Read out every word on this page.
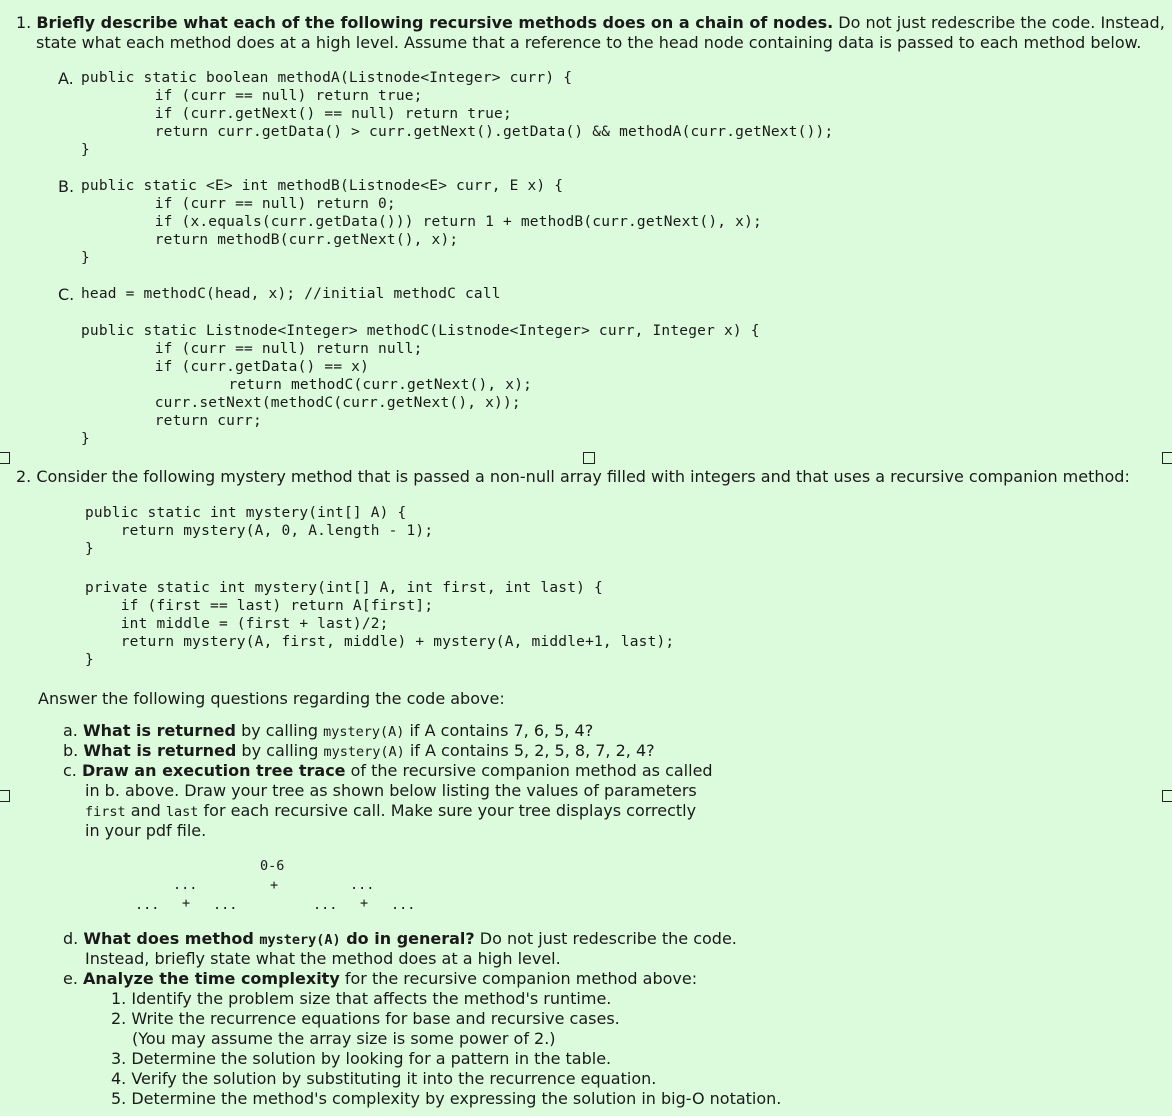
1. Briefly describe what each of the following recursive methods does on a chain of nodes. Do not just redescribe the code. Instead,
state what each method does at a high level. Assume that a reference to the head node containing data is passed to each method below.
A. public static boolean methodA(Listnode<Integer> curr) {
if (curr == null) return true;
if (curr.getNext() == null) return true;
return curr.getData() > curr.getNext().getData() && methodA(curr.getNext());
}
B. public static <E> int methodB(Listnode<E> curr, E x) {
if (curr == null) return 0;
if (x.equals(curr.getData())) return 1 + methodB(curr.getNext(), x);
return methodB(curr.getNext(), x);
}
C. head = methodC(head, x); //initial methodC call
public static Listnode<Integer> methodC(Listnode<Integer> curr, Integer x) {
if (curr == null) return null;
if (curr.getData() == x)
return methodC(curr.getNext(), x);
curr.setNext(methodC(curr.getNext(), x));
return curr;
}
2. Consider the following mystery method that is passed a non-null array filled with integers and that uses a recursive companion method:
public static int mystery(int[] A) {
return mystery(A, 0, A.length - 1);
}
private static int mystery(int[] A, int first, int last) {
if (first == last) return A[first];
int middle = (first + last)/2;
return mystery(A, first, middle) + mystery(A, middle+1, last);
}
Answer the following questions regarding the code above:
a. What is returned by calling mystery(A) if A contains 7, 6, 5, 4?
b. What is returned by calling mystery(A) if A contains 5, 2, 5, 8, 7, 2, 4?
c. Draw an execution tree trace of the recursive companion method as called
in b. above. Draw your tree as shown below listing the values of parameters
first and last for each recursive call. Make sure your tree displays correctly
in your pdf file.
0-6
+
...	...
... + ...	... + ...
d. What does method mystery(A) do in general? Do not just redescribe the code.
Instead, briefly state what the method does at a high level.
e. Analyze the time complexity for the recursive companion method above:
1. Identify the problem size that affects the method's runtime.
2. Write the recurrence equations for base and recursive cases.
(You may assume the array size is some power of 2.)
3. Determine the solution by looking for a pattern in the table.
4. Verify the solution by substituting it into the recurrence equation.
5. Determine the method's complexity by expressing the solution in big-O notation.
